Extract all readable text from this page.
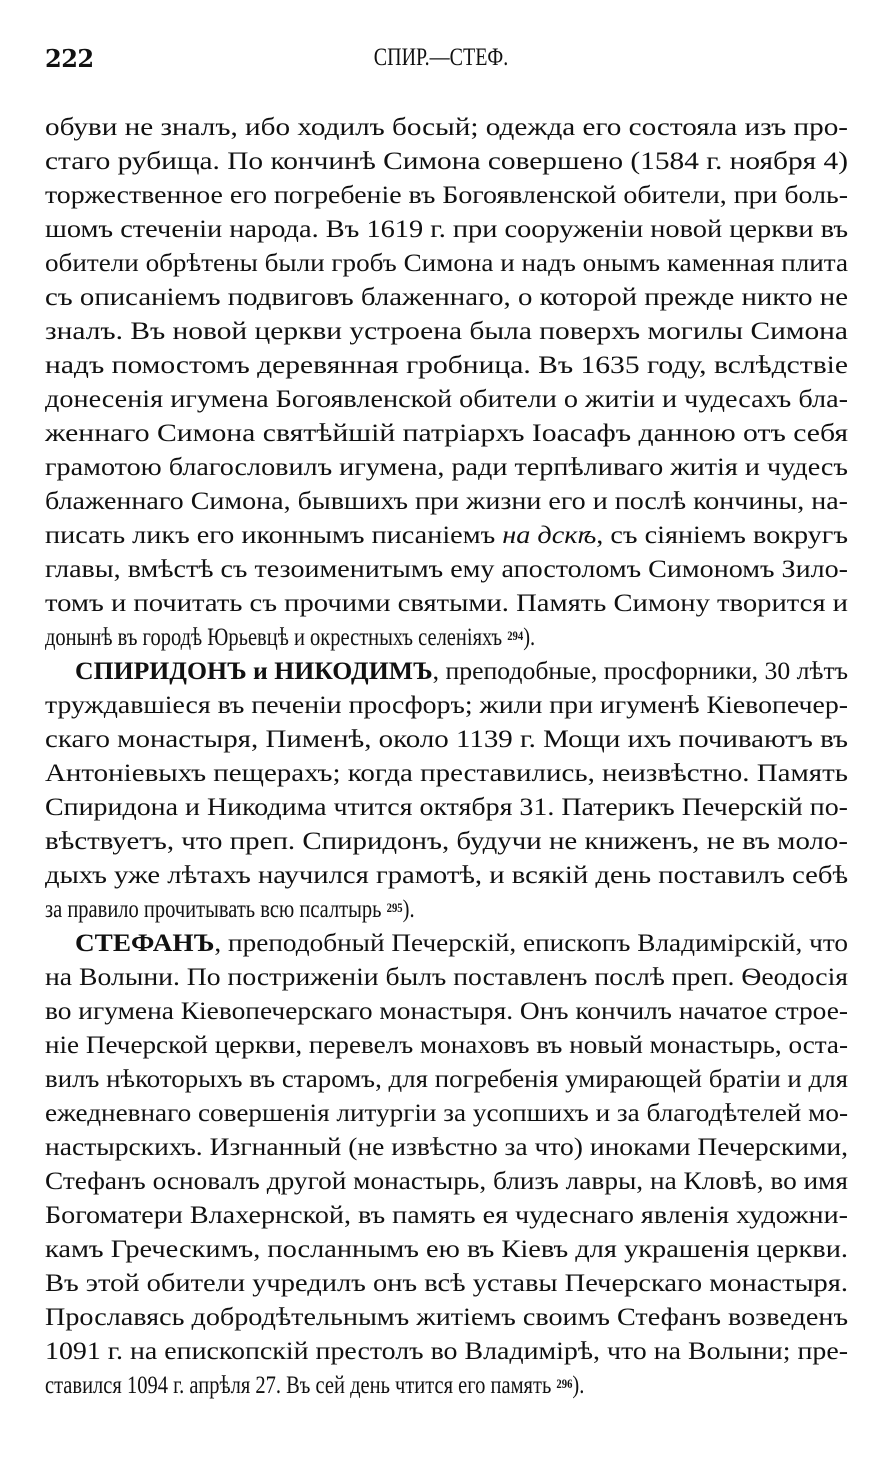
222	СПИР.—СТЕФ.
обуви не зналъ, ибо ходилъ босый; одежда его состояла изъ про-
стаго рубища. По кончинѣ Симона совершено (1584 г. ноября 4)
торжественное его погребеніе въ Богоявленской обители, при боль-
шомъ стеченіи народа. Въ 1619 г. при сооруженіи новой церкви въ
обители обрѣтены были гробъ Симона и надъ онымъ каменная плита
съ описаніемъ подвиговъ блаженнаго, о которой прежде никто не
зналъ. Въ новой церкви устроена была поверхъ могилы Симона
надъ помостомъ деревянная гробница. Въ 1635 году, вслѣдствіе
донесенія игумена Богоявленской обители о житіи и чудесахъ бла-
женнаго Симона святѣйшій патріархъ Іоасафъ данною отъ себя
грамотою благословилъ игумена, ради терпѣливаго житія и чудесъ
блаженнаго Симона, бывшихъ при жизни его и послѣ кончины, на-
писать ликъ его иконнымъ писаніемъ на дскѣ, съ сіяніемъ вокругъ
главы, вмѣстѣ съ тезоименитымъ ему апостоломъ Симономъ Зило-
томъ и почитать съ прочими святыми. Память Симону творится и
донынѣ въ городѣ Юрьевцѣ и окрестныхъ селеніяхъ $^{294}$).
СПИРИДОНЪ и НИКОДИМЪ, преподобные, просфорники, 30 лѣтъ
труждавшіеся въ печеніи просфоръ; жили при игуменѣ Кіевопечер-
скаго монастыря, Пименѣ, около 1139 г. Мощи ихъ почиваютъ въ
Антоніевыхъ пещерахъ; когда преставились, неизвѣстно. Память
Спиридона и Никодима чтится октября 31. Патерикъ Печерскій по-
вѣствуетъ, что преп. Спиридонъ, будучи не книженъ, не въ моло-
дыхъ уже лѣтахъ научился грамотѣ, и всякій день поставилъ себѣ
за правило прочитывать всю псалтырь $^{295}$).
СТЕФАНЪ, преподобный Печерскій, епископъ Владимірскій, что
на Волыни. По постриженіи былъ поставленъ послѣ преп. Ѳеодосія
во игумена Кіевопечерскаго монастыря. Онъ кончилъ начатое строе-
ніе Печерской церкви, перевелъ монаховъ въ новый монастырь, оста-
вилъ нѣкоторыхъ въ старомъ, для погребенія умирающей братіи и для
ежедневнаго совершенія литургіи за усопшихъ и за благодѣтелей мо-
настырскихъ. Изгнанный (не извѣстно за что) иноками Печерскими,
Стефанъ основалъ другой монастырь, близъ лавры, на Кловѣ, во имя
Богоматери Влахернской, въ память ея чудеснаго явленія художни-
камъ Греческимъ, посланнымъ ею въ Кіевъ для украшенія церкви.
Въ этой обители учредилъ онъ всѣ уставы Печерскаго монастыря.
Прославясь добродѣтельнымъ житіемъ своимъ Стефанъ возведенъ
1091 г. на епископскій престолъ во Владимірѣ, что на Волыни; пре-
ставился 1094 г. апрѣля 27. Въ сей день чтится его память $^{296}$).
